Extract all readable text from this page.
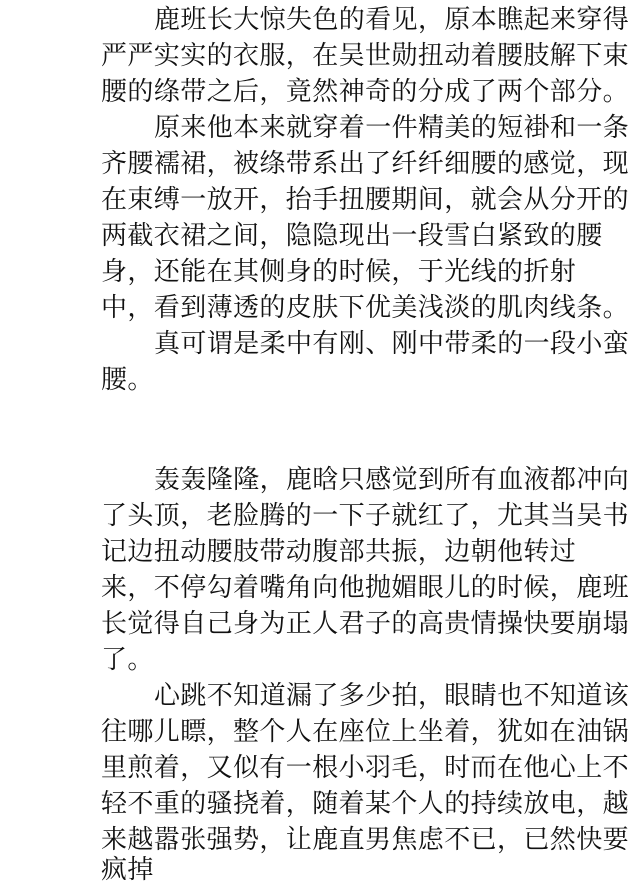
鹿班长大惊失色的看见，原本瞧起来穿得

严严实实的衣服，在吴世勋扭动着腰肢解下束

腰的绦带之后，竟然神奇的分成了两个部分。

原来他本来就穿着一件精美的短褂和一条

齐腰襦裙，被绦带系出了纤纤细腰的感觉，现

在束缚一放开，抬手扭腰期间，就会从分开的

两截衣裙之间，隐隐现出一段雪白紧致的腰

身，还能在其侧身的时候，于光线的折射

中，看到薄透的皮肤下优美浅淡的肌肉线条。

真可谓是柔中有刚、刚中带柔的一段小蛮

腰。

轰轰隆隆，鹿晗只感觉到所有血液都冲向

了头顶，老脸腾的一下子就红了，尤其当吴书

记边扭动腰肢带动腹部共振，边朝他转过

来，不停勾着嘴角向他抛媚眼儿的时候，鹿班

长觉得自己身为正人君子的高贵情操快要崩塌

了。

心跳不知道漏了多少拍，眼睛也不知道该

往哪儿瞟，整个人在座位上坐着，犹如在油锅

里煎着，又似有一根小羽毛，时而在他心上不

轻不重的骚挠着，随着某个人的持续放电，越

来越嚣张强势，让鹿直男焦虑不已，已然快要

疯掉
